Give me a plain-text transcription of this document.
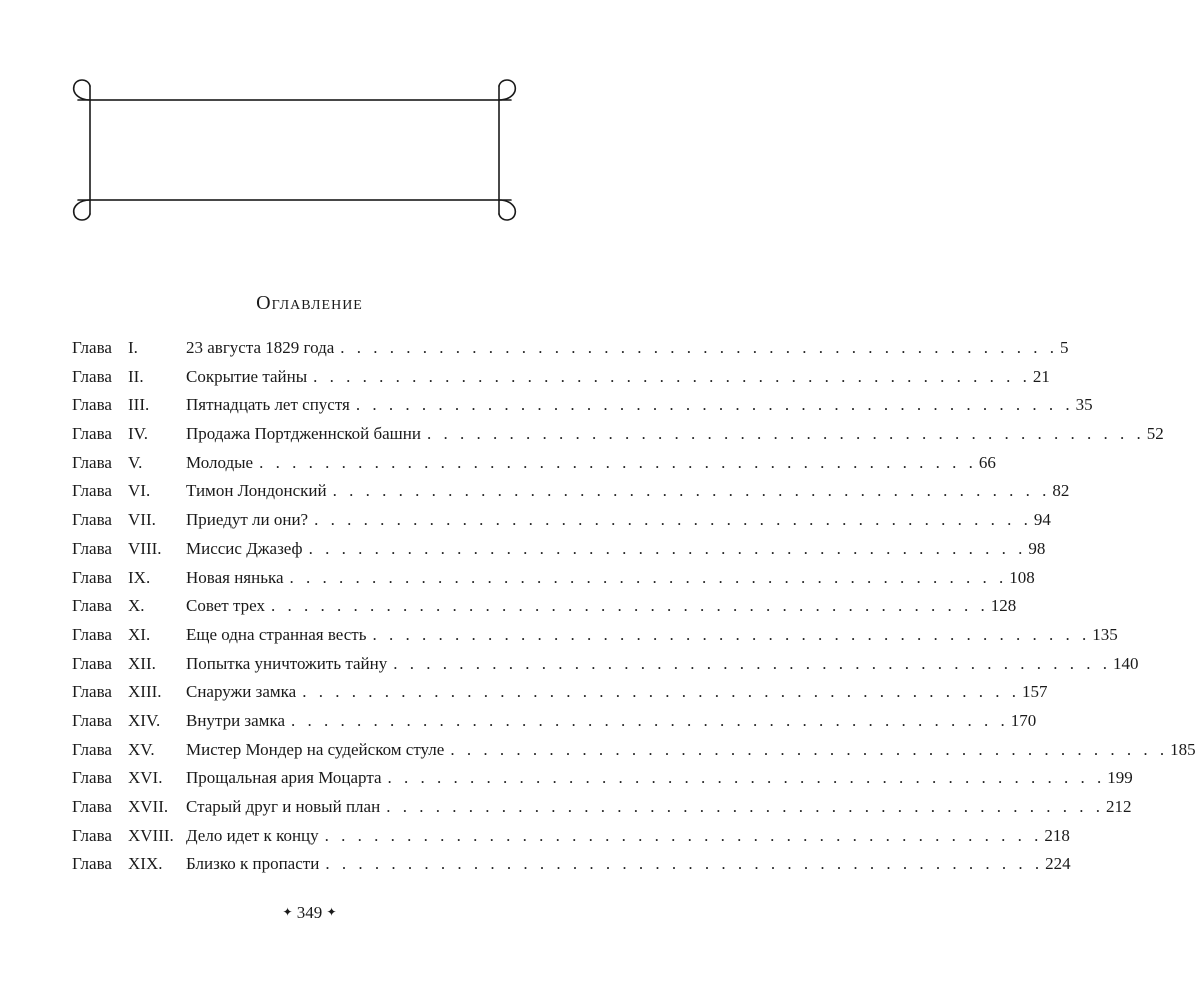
Оглавление
Глава I.	23 августа 1829 года . . . . . . . . . . . . . . . . . . . . . . . . . . . . . . . . . . . . . . . . . . . . 5
Глава II. Сокрытие тайны . . . . . . . . . . . . . . . . . . . . . . . . . . . . . . . . . . . . . . . . . . . . 21
Глава III. Пятнадцать лет спустя . . . . . . . . . . . . . . . . . . . . . . . . . . . . . . . . . . . . . . . . . . . . 35
Глава IV. Продажа Портдженнской башни . . . . . . . . . . . . . . . . . . . . . . . . . . . . . . . . . . . . . . . . . . . . 52
Глава V.	Молодые . . . . . . . . . . . . . . . . . . . . . . . . . . . . . . . . . . . . . . . . . . . . 66
Глава VI. Тимон Лондонский . . . . . . . . . . . . . . . . . . . . . . . . . . . . . . . . . . . . . . . . . . . . 82
Глава VII. Приедут ли они? . . . . . . . . . . . . . . . . . . . . . . . . . . . . . . . . . . . . . . . . . . . . 94
Глава VIII. Миссис Джазеф . . . . . . . . . . . . . . . . . . . . . . . . . . . . . . . . . . . . . . . . . . . . 98
Глава IX. Новая нянька . . . . . . . . . . . . . . . . . . . . . . . . . . . . . . . . . . . . . . . . . . . . 108
Глава X. Совет трех . . . . . . . . . . . . . . . . . . . . . . . . . . . . . . . . . . . . . . . . . . . . 128
Глава XI. Еще одна странная весть . . . . . . . . . . . . . . . . . . . . . . . . . . . . . . . . . . . . . . . . . . . . 135
Глава XII. Попытка уничтожить тайну . . . . . . . . . . . . . . . . . . . . . . . . . . . . . . . . . . . . . . . . . . . . 140
Глава XIII. Снаружи замка . . . . . . . . . . . . . . . . . . . . . . . . . . . . . . . . . . . . . . . . . . . . 157
Глава XIV. Внутри замка . . . . . . . . . . . . . . . . . . . . . . . . . . . . . . . . . . . . . . . . . . . . 170
Глава XV. Мистер Мондер на судейском стуле . . . . . . . . . . . . . . . . . . . . . . . . . . . . . . . . . . . . . . . . . . . . 185
Глава XVI. Прощальная ария Моцарта . . . . . . . . . . . . . . . . . . . . . . . . . . . . . . . . . . . . . . . . . . . . 199
Глава XVII. Старый друг и новый план . . . . . . . . . . . . . . . . . . . . . . . . . . . . . . . . . . . . . . . . . . . . 212
Глава XVIII. Дело идет к концу . . . . . . . . . . . . . . . . . . . . . . . . . . . . . . . . . . . . . . . . . . . . 218
Глава XIX. Близко к пропасти . . . . . . . . . . . . . . . . . . . . . . . . . . . . . . . . . . . . . . . . . . . . 224
✦ 349 ✦
